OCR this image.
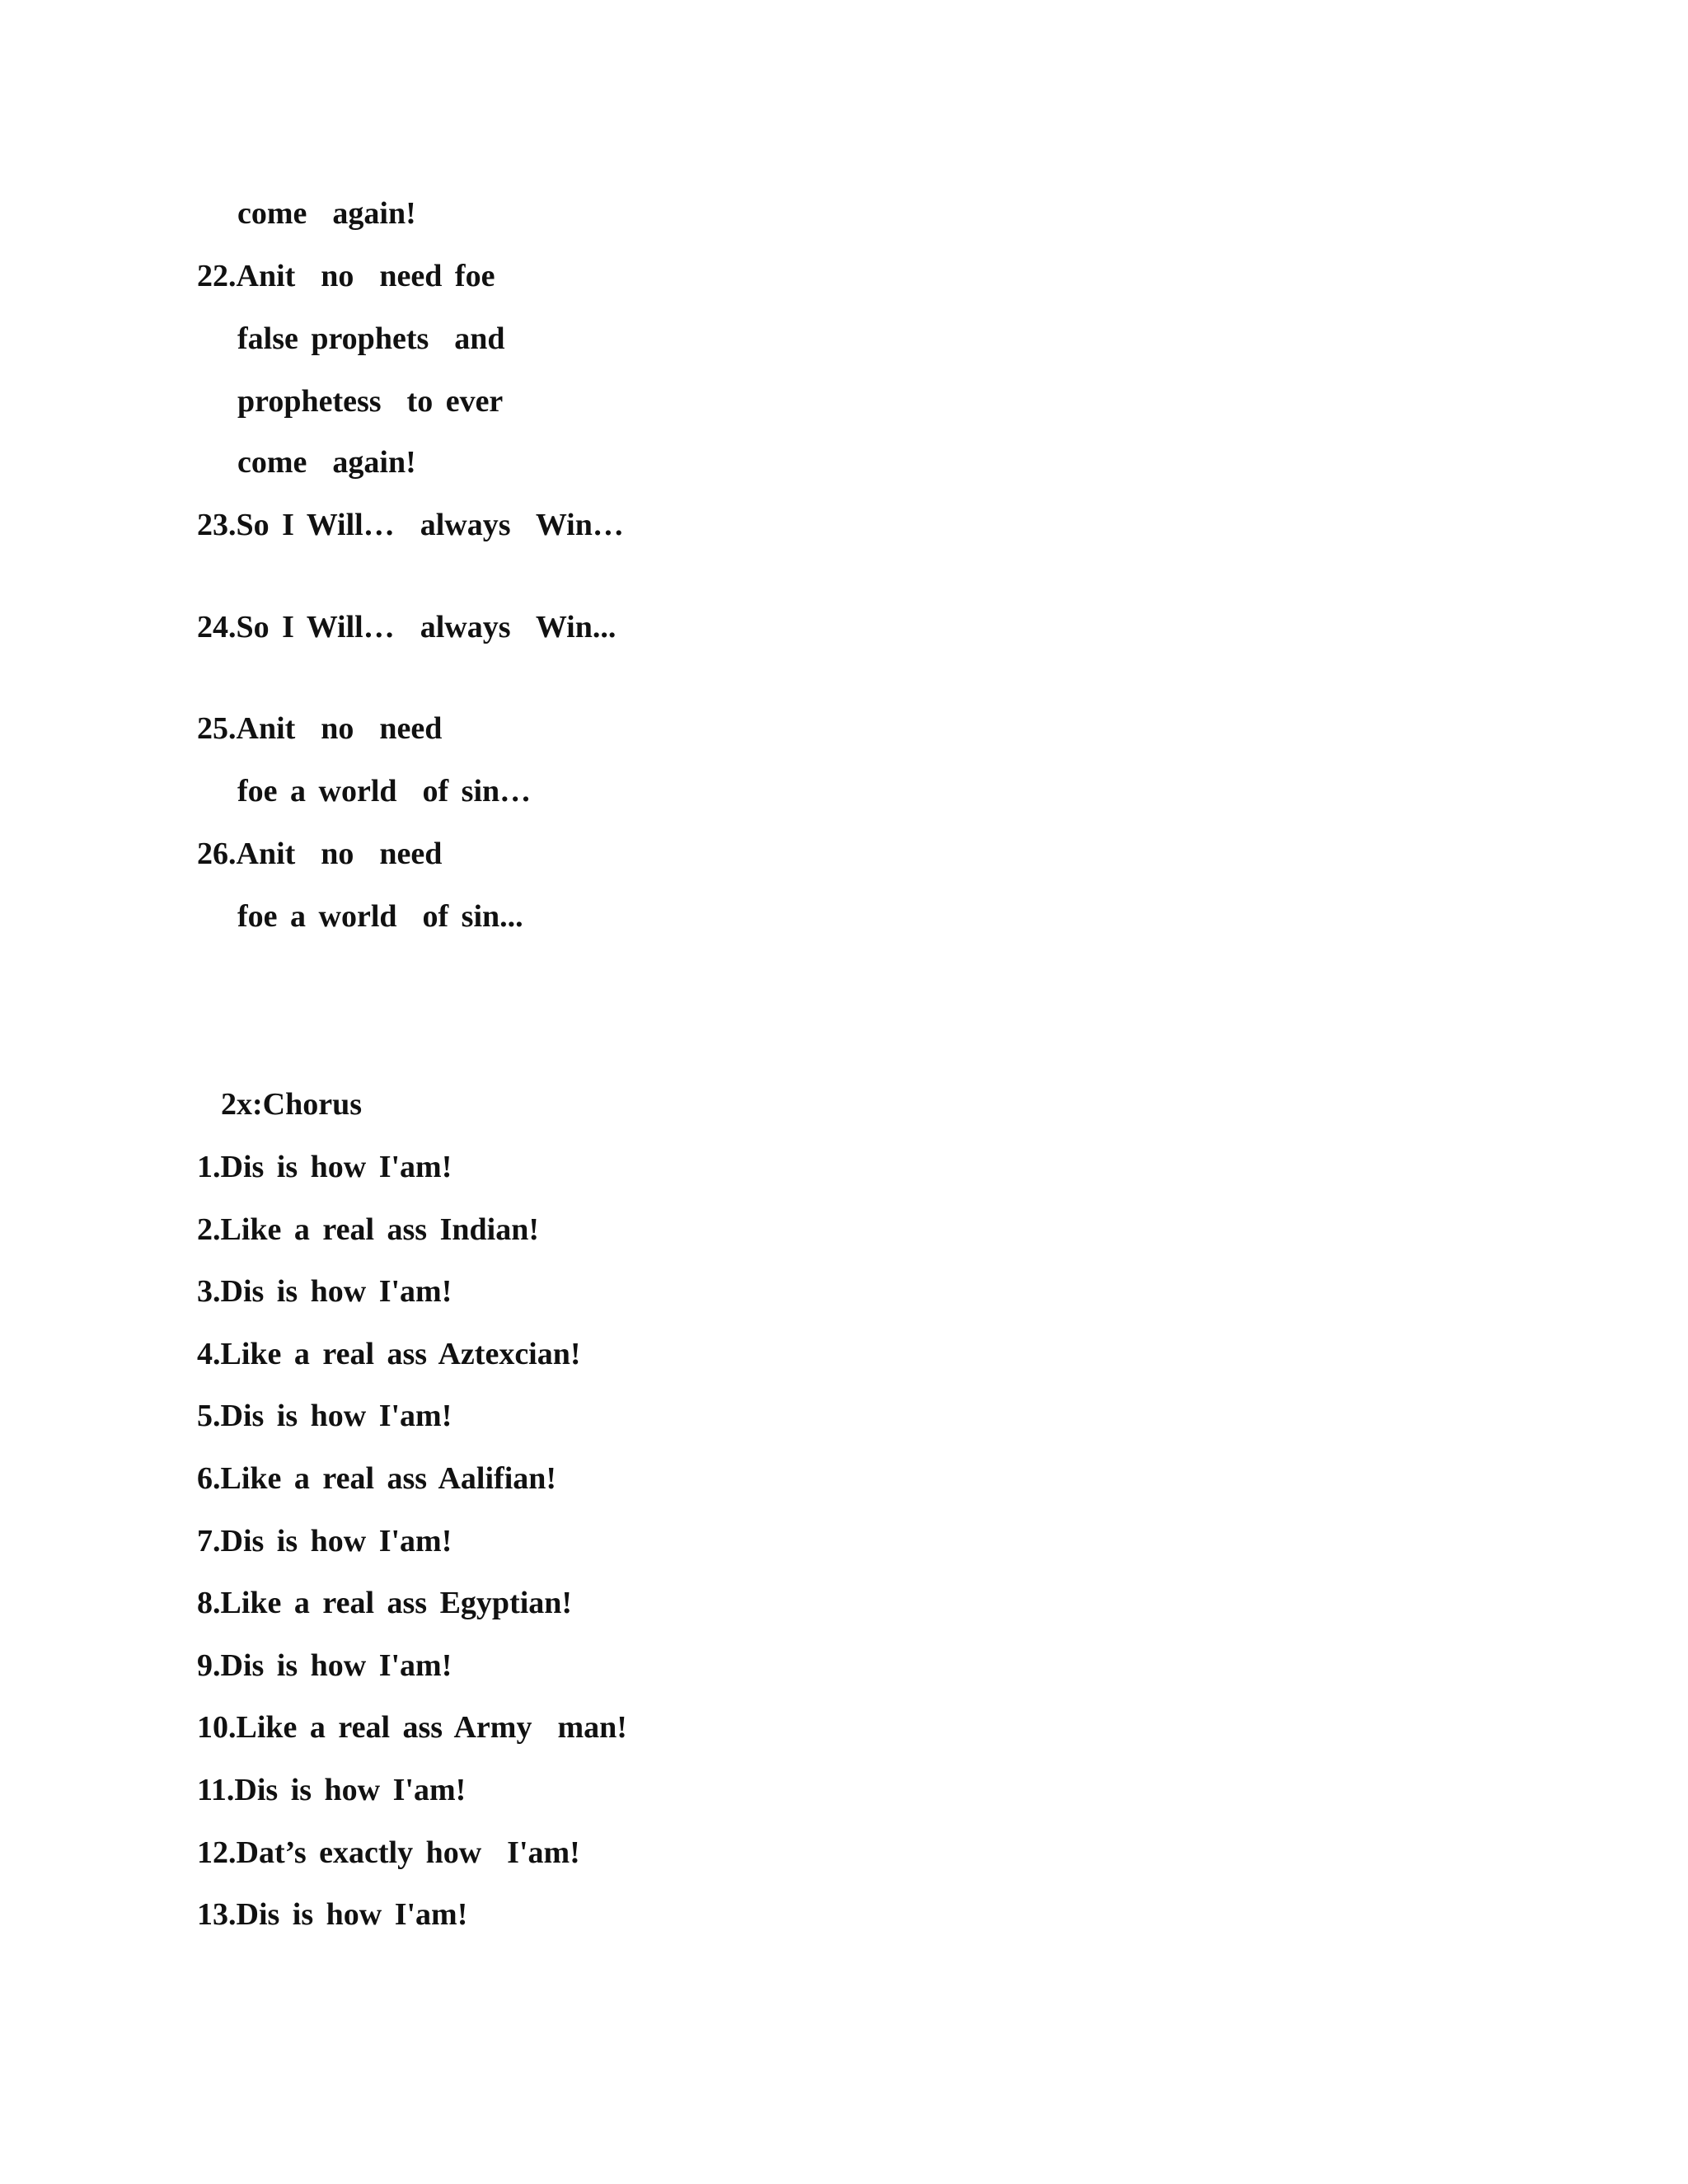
come  again!
22.Anit  no  need foe
false prophets  and
prophetess  to ever
come  again!
23.So I Will…  always  Win…
24.So I Will…  always  Win...
25.Anit  no  need
foe a world  of sin…
26.Anit  no  need
foe a world  of sin...
2x:Chorus
1.Dis is how I'am!
2.Like a real ass Indian!
3.Dis is how I'am!
4.Like a real ass Aztexcian!
5.Dis is how I'am!
6.Like a real ass Aalifian!
7.Dis is how I'am!
8.Like a real ass Egyptian!
9.Dis is how I'am!
10.Like a real ass Army  man!
11.Dis is how I'am!
12.Dat’s exactly how  I'am!
13.Dis is how I'am!
